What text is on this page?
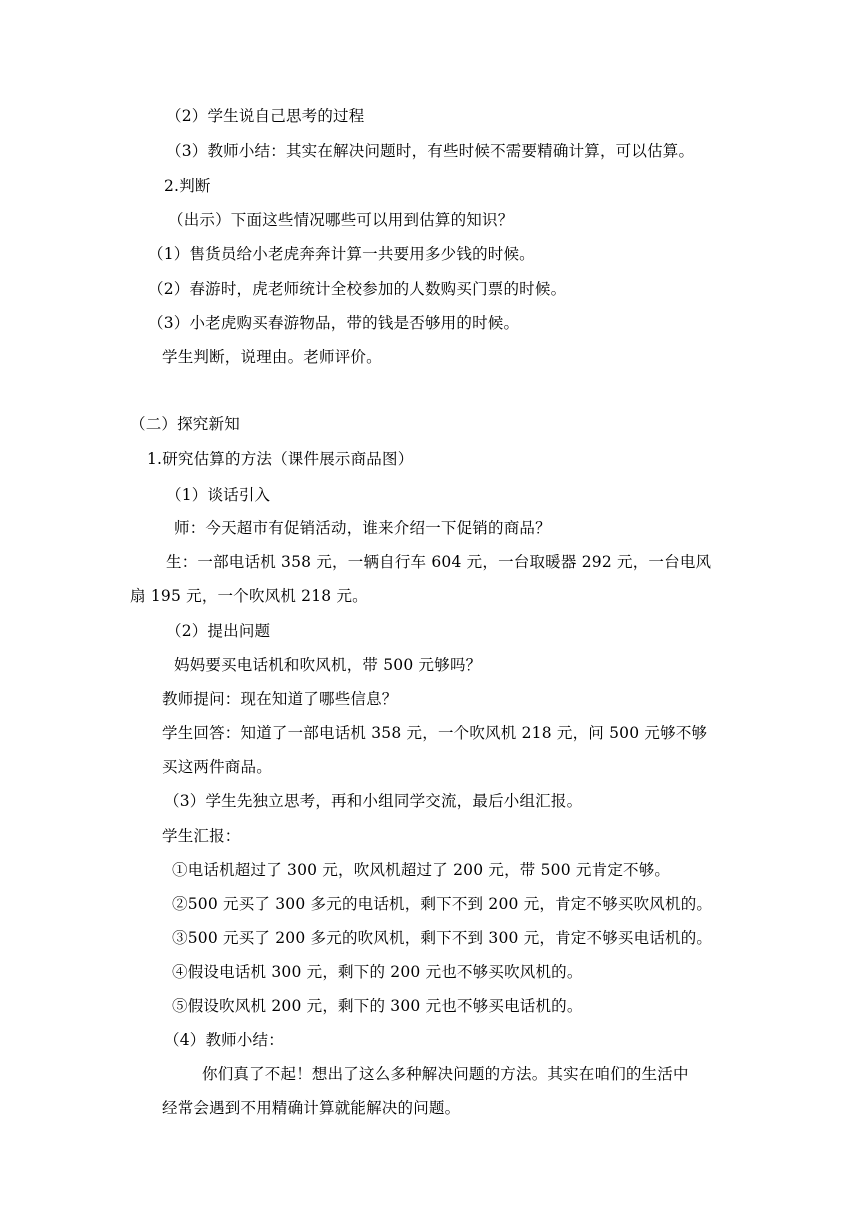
（2）学生说自己思考的过程
（3）教师小结：其实在解决问题时，有些时候不需要精确计算，可以估算。
2.判断
（出示）下面这些情况哪些可以用到估算的知识？
（1）售货员给小老虎奔奔计算一共要用多少钱的时候。
（2）春游时，虎老师统计全校参加的人数购买门票的时候。
（3）小老虎购买春游物品，带的钱是否够用的时候。
学生判断，说理由。老师评价。
（二）探究新知
1.研究估算的方法（课件展示商品图）
（1）谈话引入
师：今天超市有促销活动，谁来介绍一下促销的商品？
生：一部电话机 358 元，一辆自行车 604 元，一台取暖器 292 元，一台电风
扇 195 元，一个吹风机 218 元。
（2）提出问题
妈妈要买电话机和吹风机，带 500 元够吗？
教师提问：现在知道了哪些信息？
学生回答：知道了一部电话机 358 元，一个吹风机 218 元，问 500 元够不够
买这两件商品。
（3）学生先独立思考，再和小组同学交流，最后小组汇报。
学生汇报：
①电话机超过了 300 元，吹风机超过了 200 元，带 500 元肯定不够。
②500 元买了 300 多元的电话机，剩下不到 200 元，肯定不够买吹风机的。
③500 元买了 200 多元的吹风机，剩下不到 300 元，肯定不够买电话机的。
④假设电话机 300 元，剩下的 200 元也不够买吹风机的。
⑤假设吹风机 200 元，剩下的 300 元也不够买电话机的。
（4）教师小结：
你们真了不起！想出了这么多种解决问题的方法。其实在咱们的生活中
经常会遇到不用精确计算就能解决的问题。
